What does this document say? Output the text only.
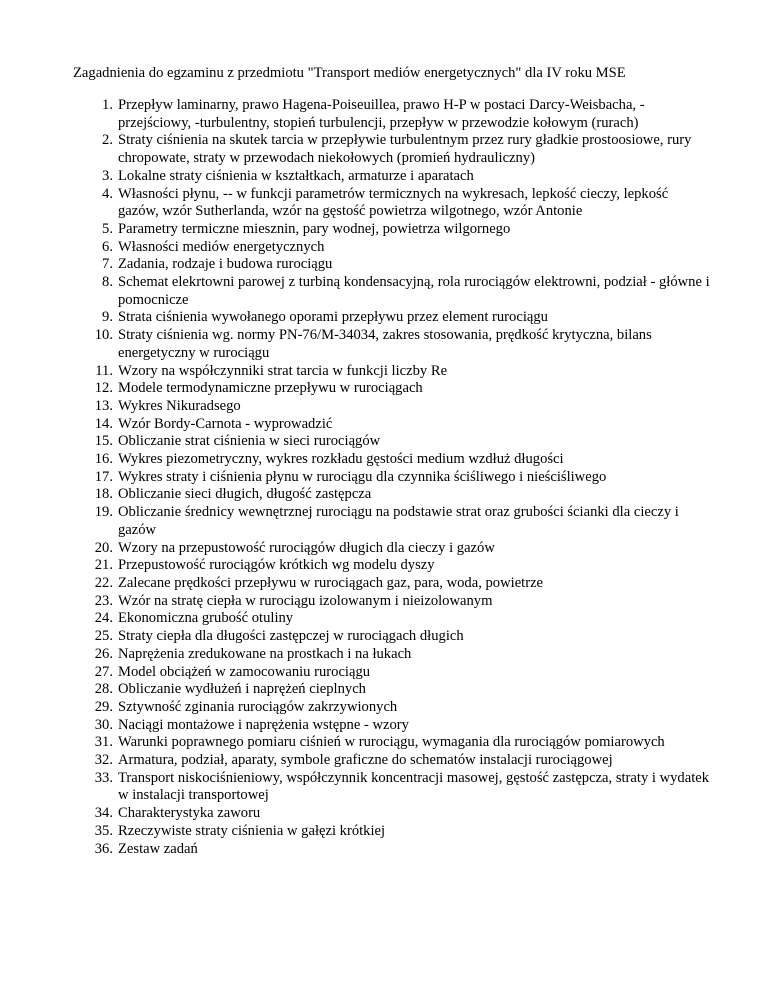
Zagadnienia do egzaminu z przedmiotu "Transport mediów energetycznych" dla IV roku MSE
1. Przepływ laminarny, prawo Hagena-Poiseuillea, prawo H-P w postaci Darcy-Weisbacha, -przejściowy, -turbulentny, stopień turbulencji, przepływ w przewodzie kołowym (rurach)
2. Straty ciśnienia na skutek tarcia w przepływie turbulentnym przez rury gładkie prostoosiowe, rury chropowate, straty w przewodach niekołowych (promień hydrauliczny)
3. Lokalne straty ciśnienia w kształtkach, armaturze i aparatach
4. Własności płynu, -- w funkcji parametrów termicznych na wykresach, lepkość cieczy, lepkość gazów, wzór Sutherlanda, wzór na gęstość powietrza wilgotnego, wzór Antonie
5. Parametry termiczne miesznin, pary wodnej, powietrza wilgornego
6. Własności mediów energetycznych
7. Zadania, rodzaje i budowa rurociągu
8. Schemat elekrtowni parowej z turbiną kondensacyjną, rola rurociągów elektrowni, podział - główne i pomocnicze
9. Strata ciśnienia wywołanego oporami przepływu przez element rurociągu
10. Straty ciśnienia wg. normy PN-76/M-34034, zakres stosowania, prędkość krytyczna, bilans energetyczny w rurociągu
11. Wzory na współczynniki strat tarcia w funkcji liczby Re
12. Modele termodynamiczne przepływu w rurociągach
13. Wykres Nikuradsego
14. Wzór Bordy-Carnota - wyprowadzić
15. Obliczanie strat ciśnienia w sieci rurociągów
16. Wykres piezometryczny, wykres rozkładu gęstości medium wzdłuż długości
17. Wykres straty i ciśnienia płynu w rurociągu dla czynnika ściśliwego i nieściśliwego
18. Obliczanie sieci długich, długość zastępcza
19. Obliczanie średnicy wewnętrznej rurociągu na podstawie strat oraz grubości ścianki dla cieczy i gazów
20. Wzory na przepustowość rurociągów długich dla cieczy i gazów
21. Przepustowość rurociągów krótkich wg modelu dyszy
22. Zalecane prędkości przepływu w rurociągach gaz, para, woda, powietrze
23. Wzór na stratę ciepła w rurociągu izolowanym i nieizolowanym
24. Ekonomiczna grubość otuliny
25. Straty ciepła dla długości zastępczej w rurociągach długich
26. Naprężenia zredukowane na prostkach i na łukach
27. Model obciążeń w zamocowaniu rurociągu
28. Obliczanie wydłużeń i naprężeń cieplnych
29. Sztywność zginania rurociągów zakrzywionych
30. Naciągi montażowe i naprężenia wstępne - wzory
31. Warunki poprawnego pomiaru ciśnień w rurociągu, wymagania dla rurociągów pomiarowych
32. Armatura, podział, aparaty, symbole graficzne do schematów instalacji rurociągowej
33. Transport niskociśnieniowy, współczynnik koncentracji masowej, gęstość zastępcza, straty i wydatek w instalacji transportowej
34. Charakterystyka zaworu
35. Rzeczywiste straty ciśnienia w gałęzi krótkiej
36. Zestaw zadań
